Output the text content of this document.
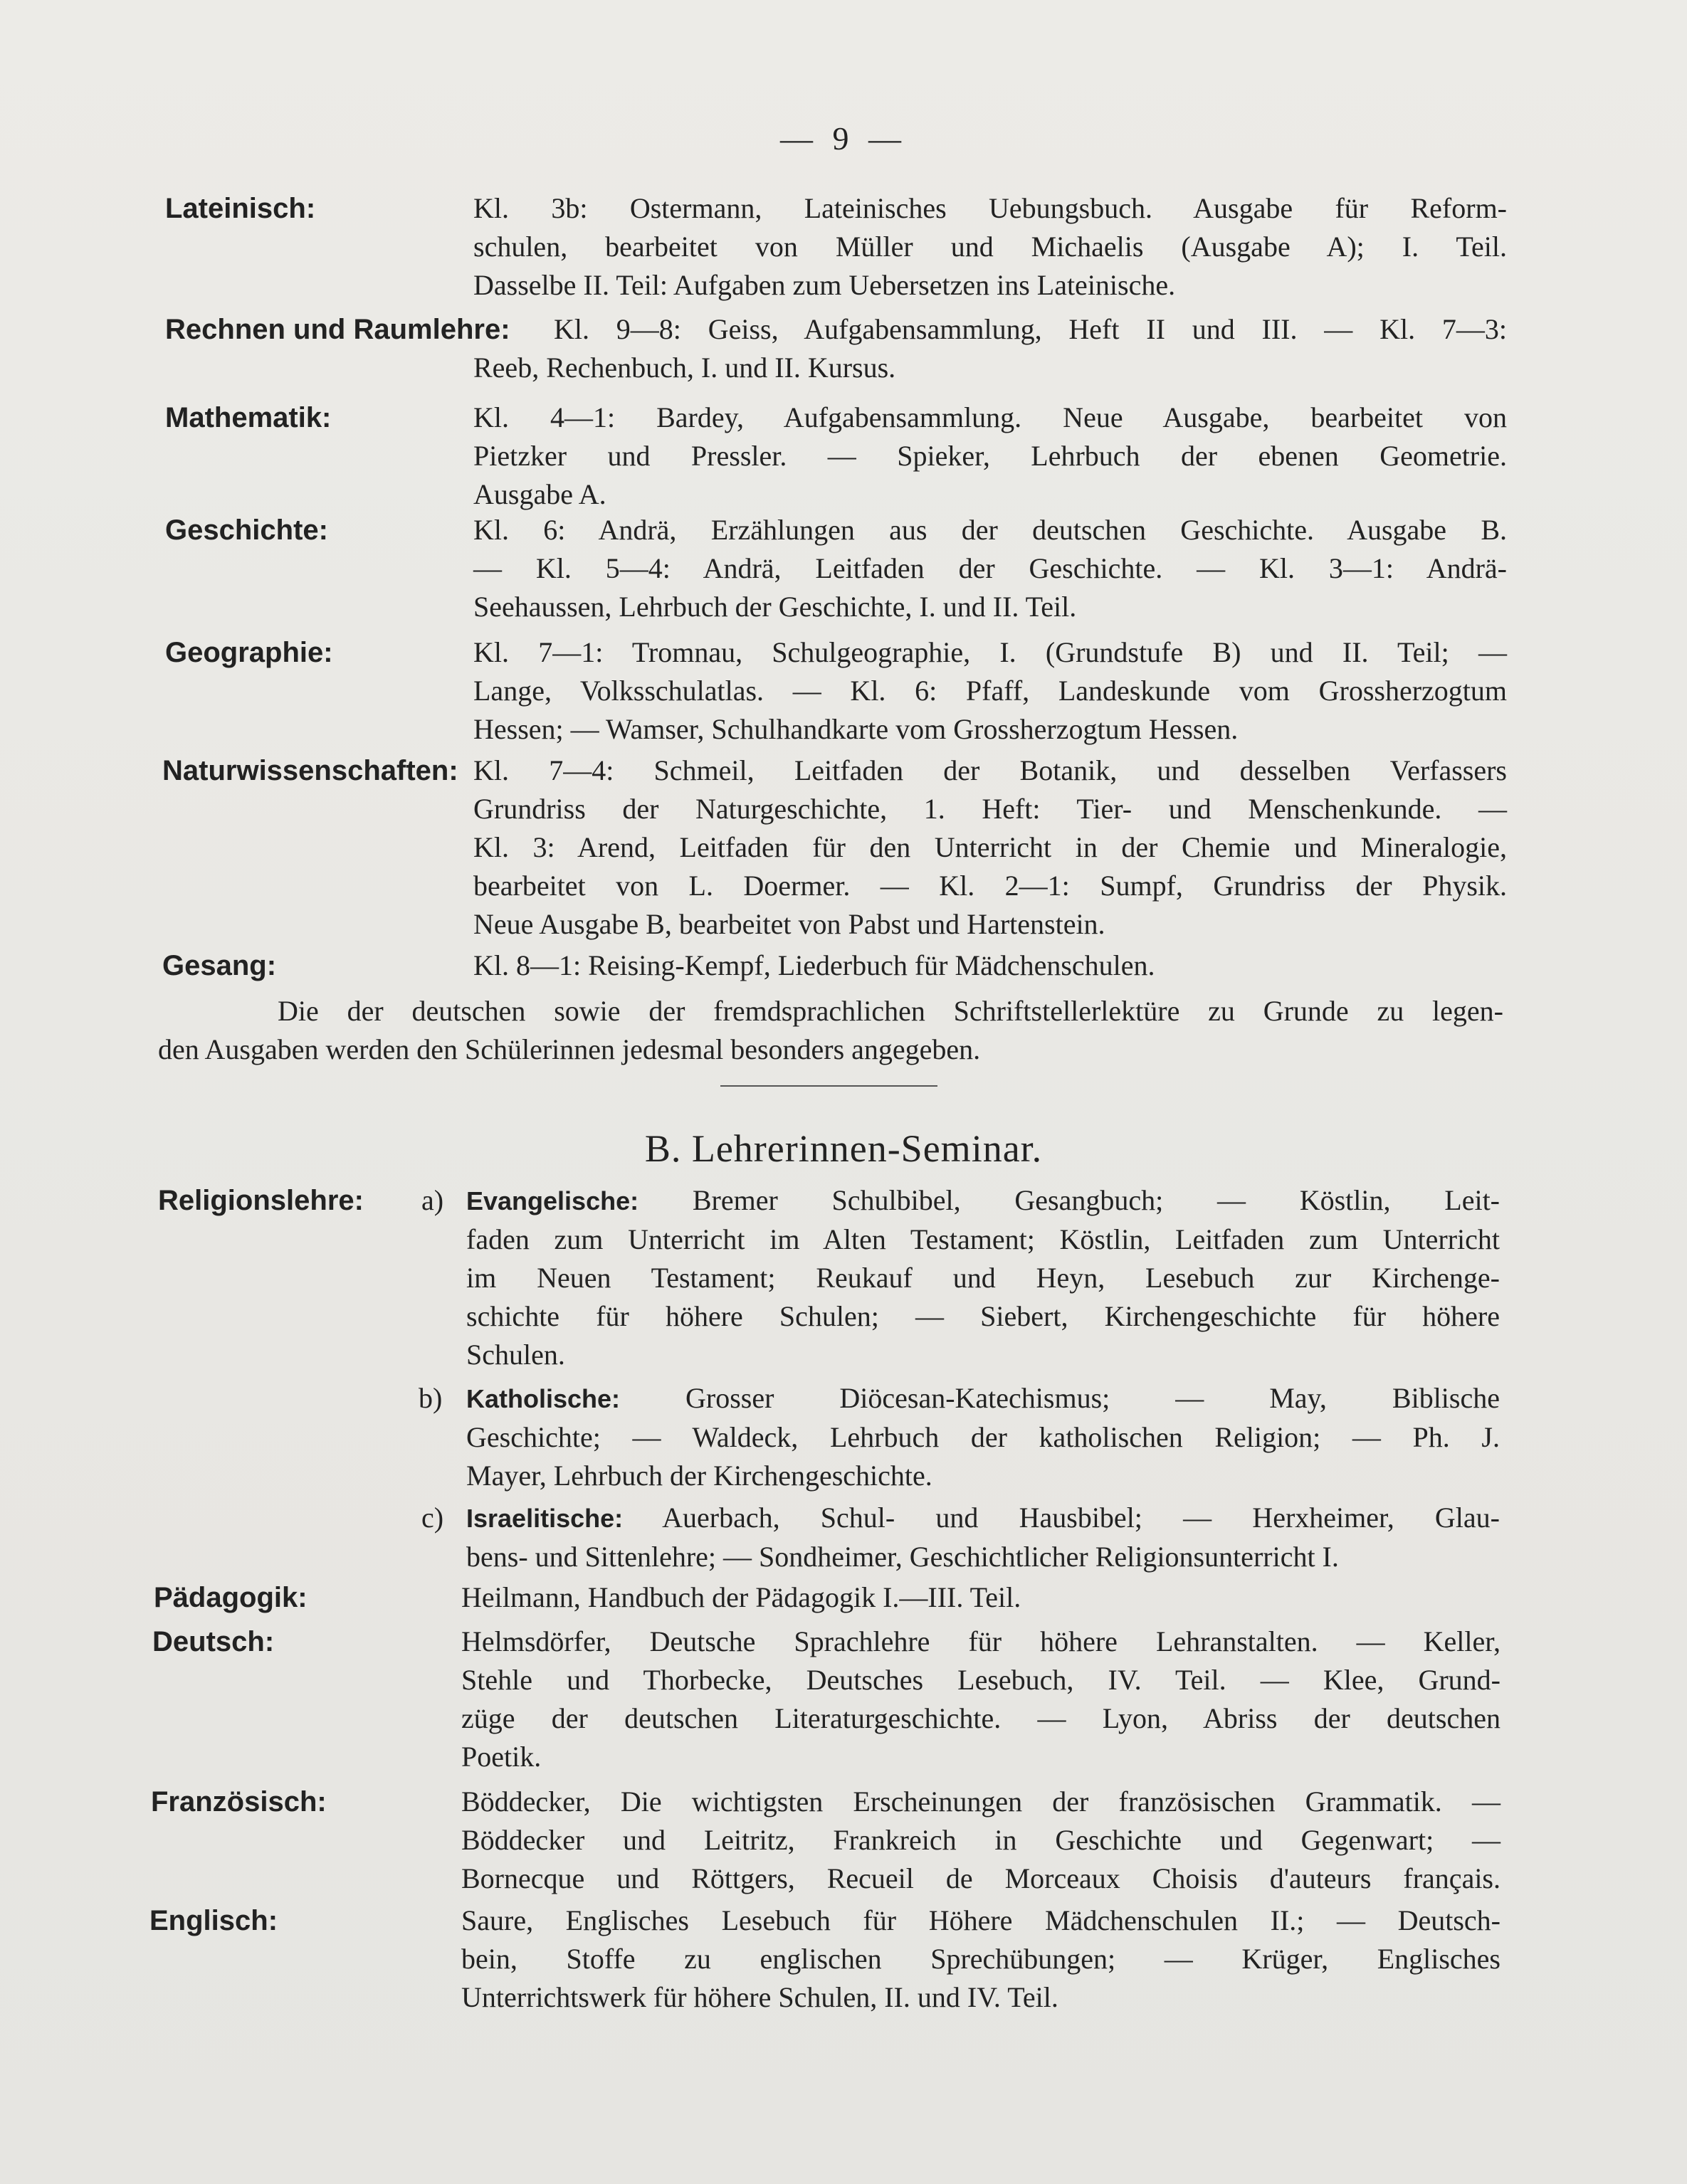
— 9 —
Lateinisch:	Kl. 3b: Ostermann, Lateinisches Uebungsbuch. Ausgabe für Reform-
schulen, bearbeitet von Müller und Michaelis (Ausgabe A); I. Teil.
Dasselbe II. Teil: Aufgaben zum Uebersetzen ins Lateinische.
Rechnen und Raumlehre: Kl. 9—8: Geiss, Aufgabensammlung, Heft II und III. — Kl. 7—3:
Reeb, Rechenbuch, I. und II. Kursus.
Mathematik:	Kl. 4—1: Bardey, Aufgabensammlung. Neue Ausgabe, bearbeitet von
Pietzker und Pressler. — Spieker, Lehrbuch der ebenen Geometrie.
Ausgabe A.
Geschichte:	Kl. 6: Andrä, Erzählungen aus der deutschen Geschichte. Ausgabe B.
— Kl. 5—4: Andrä, Leitfaden der Geschichte. — Kl. 3—1: Andrä-
Seehaussen, Lehrbuch der Geschichte, I. und II. Teil.
Geographie:	Kl. 7—1: Tromnau, Schulgeographie, I. (Grundstufe B) und II. Teil; —
Lange, Volksschulatlas. — Kl. 6: Pfaff, Landeskunde vom Grossherzogtum
Hessen; — Wamser, Schulhandkarte vom Grossherzogtum Hessen.
Naturwissenschaften: Kl. 7—4: Schmeil, Leitfaden der Botanik, und desselben Verfassers
Grundriss der Naturgeschichte, 1. Heft: Tier- und Menschenkunde. —
Kl. 3: Arend, Leitfaden für den Unterricht in der Chemie und Mineralogie,
bearbeitet von L. Doermer. — Kl. 2—1: Sumpf, Grundriss der Physik.
Neue Ausgabe B, bearbeitet von Pabst und Hartenstein.
Gesang:	Kl. 8—1: Reising-Kempf, Liederbuch für Mädchenschulen.
Die der deutschen sowie der fremdsprachlichen Schriftstellerlektüre zu Grunde zu legen-
den Ausgaben werden den Schülerinnen jedesmal besonders angegeben.
B. Lehrerinnen-Seminar.
Religionslehre: a) Evangelische: Bremer Schulbibel, Gesangbuch; — Köstlin, Leit-
faden zum Unterricht im Alten Testament; Köstlin, Leitfaden zum Unterricht
im Neuen Testament; Reukauf und Heyn, Lesebuch zur Kirchenge-
schichte für höhere Schulen; — Siebert, Kirchengeschichte für höhere
Schulen.
b) Katholische: Grosser Diöcesan-Katechismus; — May, Biblische
Geschichte; — Waldeck, Lehrbuch der katholischen Religion; — Ph. J.
Mayer, Lehrbuch der Kirchengeschichte.
c) Israelitische: Auerbach, Schul- und Hausbibel; — Herxheimer, Glau-
bens- und Sittenlehre; — Sondheimer, Geschichtlicher Religionsunterricht I.
Pädagogik:	Heilmann, Handbuch der Pädagogik I.—III. Teil.
Deutsch:	Helmsdörfer, Deutsche Sprachlehre für höhere Lehranstalten. — Keller,
Stehle und Thorbecke, Deutsches Lesebuch, IV. Teil. — Klee, Grund-
züge der deutschen Literaturgeschichte. — Lyon, Abriss der deutschen
Poetik.
Französisch:	Böddecker, Die wichtigsten Erscheinungen der französischen Grammatik. —
Böddecker und Leitritz, Frankreich in Geschichte und Gegenwart; —
Bornecque und Röttgers, Recueil de Morceaux Choisis d'auteurs français.
Englisch:	Saure, Englisches Lesebuch für Höhere Mädchenschulen II.; — Deutsch-
bein, Stoffe zu englischen Sprechübungen; — Krüger, Englisches
Unterrichtswerk für höhere Schulen, II. und IV. Teil.
